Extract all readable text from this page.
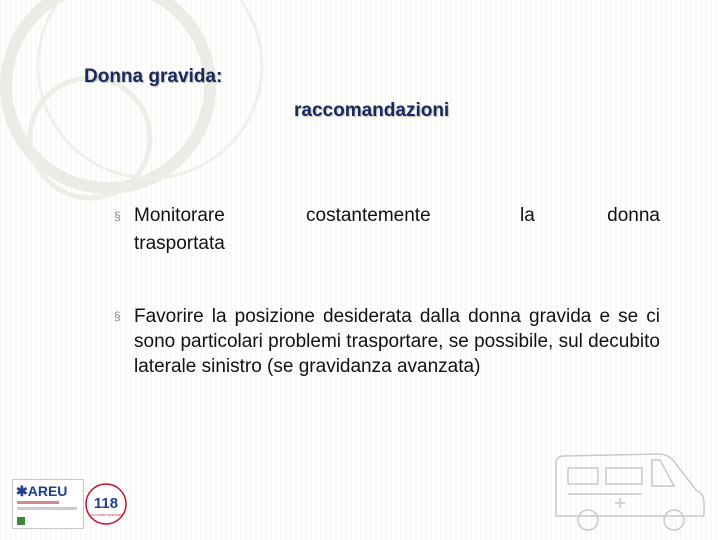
Donna gravida:
raccomandazioni
§ Monitorare	costantemente	la	donna
trasportata
§ Favorire la posizione desiderata dalla donna gravida e se ci sono particolari problemi trasportare, se possibile, sul decubito laterale sinistro (se gravidanza avanzata)
✱AREU
118
SOCCORSO SANITARIO
